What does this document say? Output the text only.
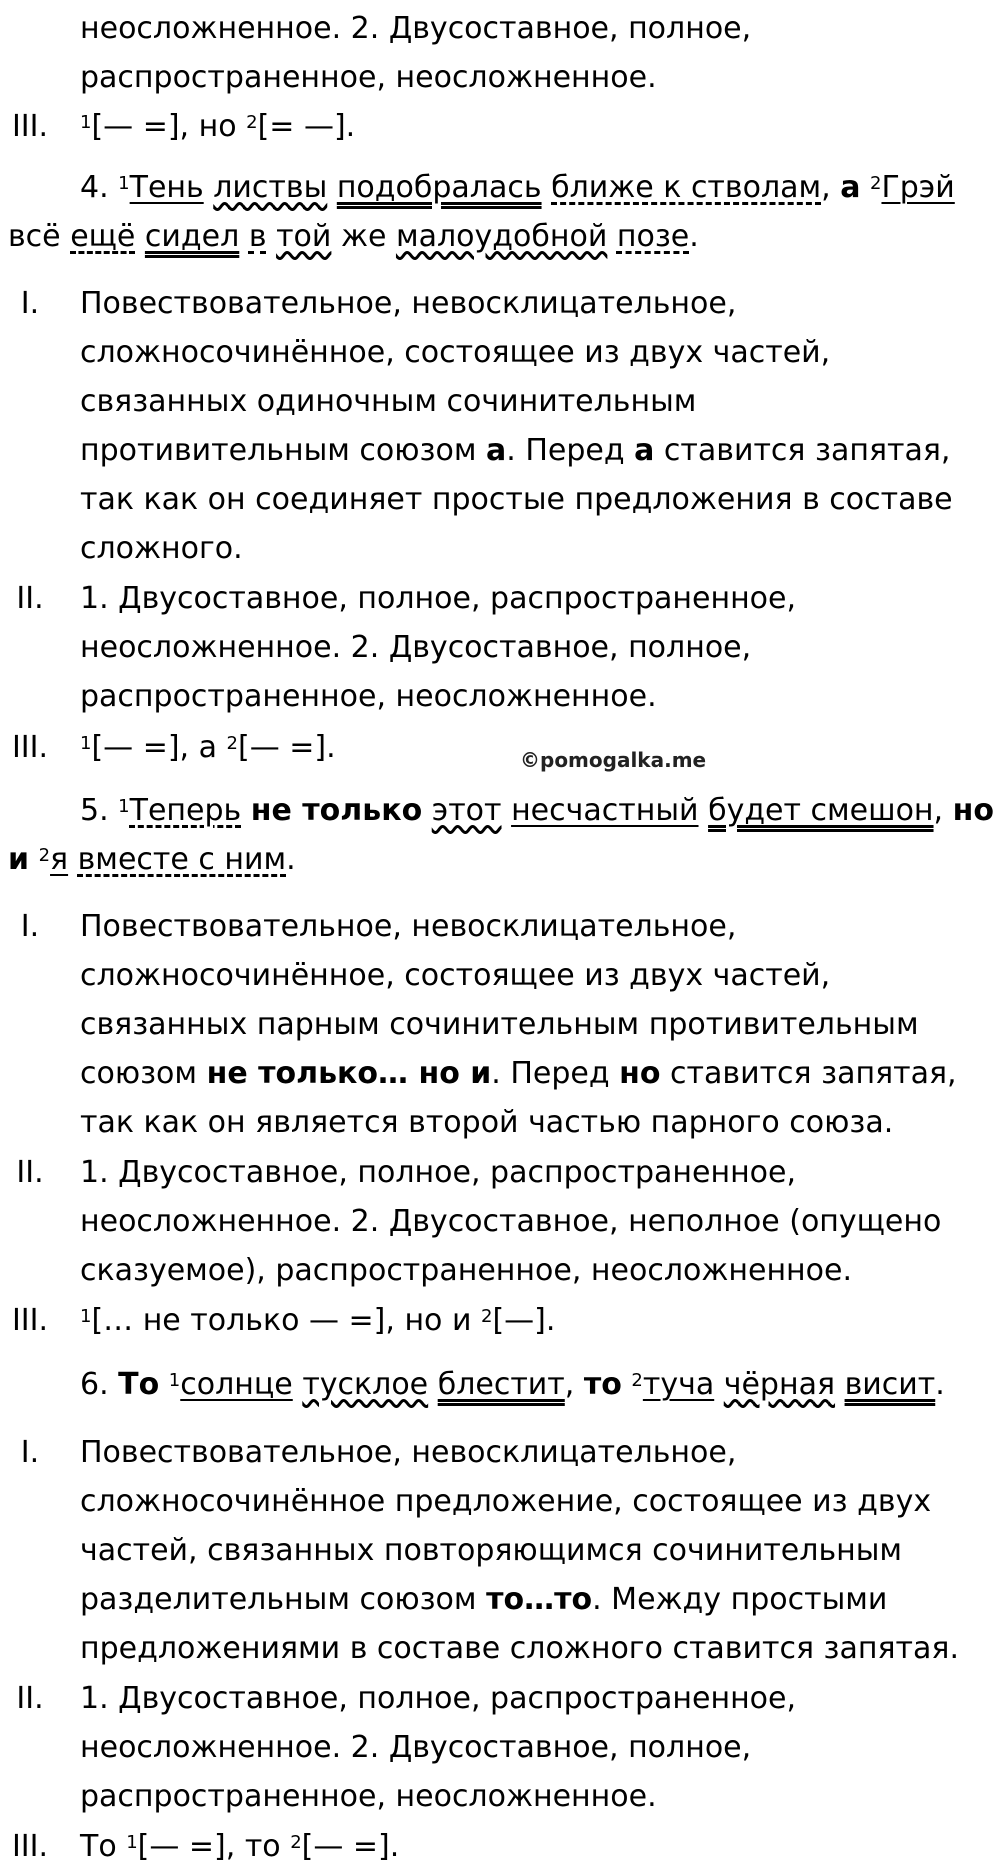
неосложненное. 2. Двусоставное, полное,
распространенное, неосложненное.
III.	$^1$[— =], но $^2$[= —].
4. $^1$Тень листвы подобралась ближе к стволам, а $^2$Грэй
всё ещё сидел в той же малоудобной позе.
I.	Повествовательное, невосклицательное,
сложносочинённое, состоящее из двух частей,
связанных одиночным сочинительным
противительным союзом а. Перед а ставится запятая,
так как он соединяет простые предложения в составе
сложного.
II.	1. Двусоставное, полное, распространенное,
неосложненное. 2. Двусоставное, полное,
распространенное, неосложненное.
III.	$^1$[— =], а $^2$[— =].	©pomogalka.me
5. $^1$Теперь не только этот несчастный будет смешон, но
и $^2$я вместе с ним.
I.	Повествовательное, невосклицательное,
сложносочинённое, состоящее из двух частей,
связанных парным сочинительным противительным
союзом не только… но и. Перед но ставится запятая,
так как он является второй частью парного союза.
II.	1. Двусоставное, полное, распространенное,
неосложненное. 2. Двусоставное, неполное (опущено
сказуемое), распространенное, неосложненное.
III.	$^1$[… не только — =], но и $^2$[—].
6. То $^1$солнце тусклое блестит, то $^2$туча чёрная висит.
I.	Повествовательное, невосклицательное,
сложносочинённое предложение, состоящее из двух
частей, связанных повторяющимся сочинительным
разделительным союзом то…то. Между простыми
предложениями в составе сложного ставится запятая.
II.	1. Двусоставное, полное, распространенное,
неосложненное. 2. Двусоставное, полное,
распространенное, неосложненное.
III.	То $^1$[— =], то $^2$[— =].
